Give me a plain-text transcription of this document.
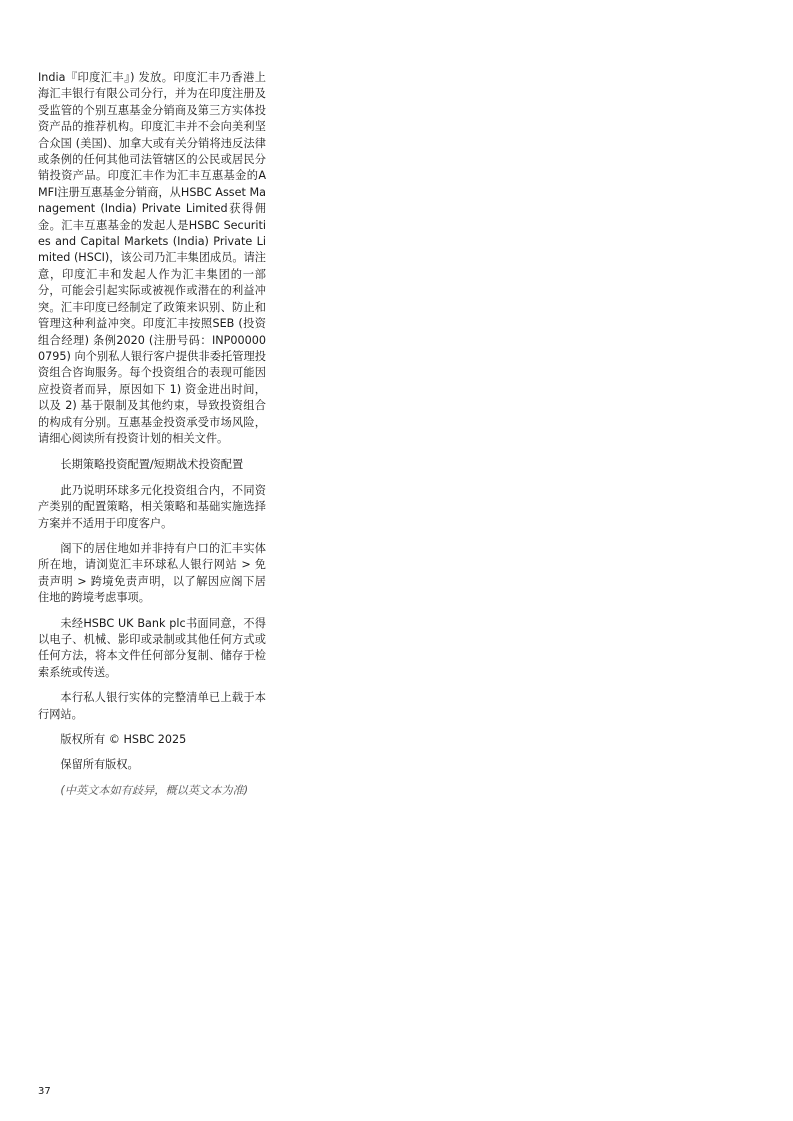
India『印度汇丰』) 发放。印度汇丰乃香港上海汇丰银行有限公司分行，并为在印度注册及受监管的个别互惠基金分销商及第三方实体投资产品的推荐机构。印度汇丰并不会向美利坚合众国 (美国)、加拿大或有关分销将违反法律或条例的任何其他司法管辖区的公民或居民分销投资产品。印度汇丰作为汇丰互惠基金的AMFI注册互惠基金分销商，从HSBC Asset Management (India) Private Limited获得佣金。汇丰互惠基金的发起人是HSBC Securities and Capital Markets (India) Private Limited (HSCI)，该公司乃汇丰集团成员。请注意，印度汇丰和发起人作为汇丰集团的一部分，可能会引起实际或被视作或潜在的利益冲突。汇丰印度已经制定了政策来识别、防止和管理这种利益冲突。印度汇丰按照SEB (投资组合经理) 条例2020 (注册号码：INP000000795) 向个别私人银行客户提供非委托管理投资组合咨询服务。每个投资组合的表现可能因应投资者而异，原因如下 1) 资金进出时间，以及 2) 基于限制及其他约束，导致投资组合的构成有分别。互惠基金投资承受市场风险，请细心阅读所有投资计划的相关文件。

长期策略投资配置/短期战术投资配置

此乃说明环球多元化投资组合内，不同资产类别的配置策略，相关策略和基础实施选择方案并不适用于印度客户。

阁下的居住地如并非持有户口的汇丰实体所在地，请浏览汇丰环球私人银行网站 > 免责声明 > 跨境免责声明，以了解因应阁下居住地的跨境考虑事项。

未经HSBC UK Bank plc书面同意，不得以电子、机械、影印或录制或其他任何方式或任何方法，将本文件任何部分复制、储存于检索系统或传送。

本行私人银行实体的完整清单已上载于本行网站。

版权所有 © HSBC 2025

保留所有版权。

(中英文本如有歧异，概以英文本为准)

37
